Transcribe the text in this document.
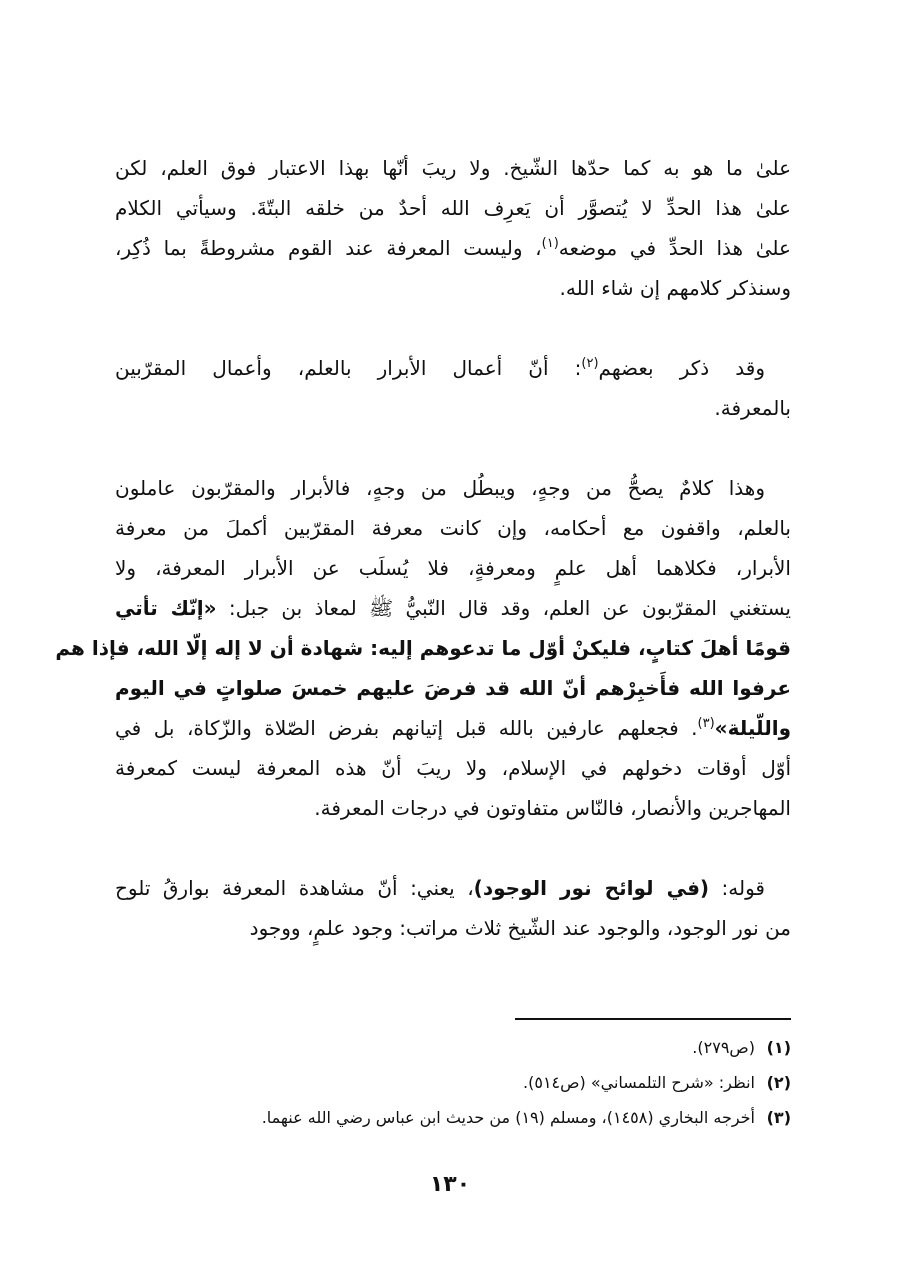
علىٰ ما هو به كما حدّها الشّيخ. ولا ريبَ أنّها بهذا الاعتبار فوق العلم، لكن
علىٰ هذا الحدِّ لا يُتصوَّر أن يَعرِف الله أحدٌ من خلقه البتّةَ. وسيأتي الكلام
علىٰ هذا الحدِّ في موضعه$^{(١)}$، وليست المعرفة عند القوم مشروطةً بما ذُكِر،
وسنذكر كلامهم إن شاء الله.
وقد ذكر بعضهم$^{(٢)}$: أنّ أعمال الأبرار بالعلم، وأعمال المقرّبين
بالمعرفة.
وهذا كلامٌ يصحُّ من وجهٍ، ويبطُل من وجهٍ، فالأبرار والمقرّبون عاملون
بالعلم، واقفون مع أحكامه، وإن كانت معرفة المقرّبين أكملَ من معرفة
الأبرار، فكلاهما أهل علمٍ ومعرفةٍ، فلا يُسلَب عن الأبرار المعرفة، ولا
يستغني المقرّبون عن العلم، وقد قال النّبيُّ ﷺ لمعاذ بن جبل: «إنّك تأتي
قومًا أهلَ كتابٍ، فليكنْ أوّل ما تدعوهم إليه: شهادة أن لا إله إلّا الله، فإذا هم
عرفوا الله فأَخبِرْهم أنّ الله قد فرضَ عليهم خمسَ صلواتٍ في اليوم
واللّيلة»$^{(٣)}$. فجعلهم عارفين بالله قبل إتيانهم بفرض الصّلاة والزّكاة، بل في
أوّل أوقات دخولهم في الإسلام، ولا ريبَ أنّ هذه المعرفة ليست كمعرفة
المهاجرين والأنصار، فالنّاس متفاوتون في درجات المعرفة.
قوله: (في لوائح نور الوجود)، يعني: أنّ مشاهدة المعرفة بوارقُ تلوح
من نور الوجود، والوجود عند الشّيخ ثلاث مراتب: وجود علمٍ، ووجود
(١)(ص٢٧٩).
(٢)انظر: «شرح التلمساني» (ص٥١٤).
(٣)أخرجه البخاري (١٤٥٨)، ومسلم (١٩) من حديث ابن عباس رضي الله عنهما.
١٣٠
